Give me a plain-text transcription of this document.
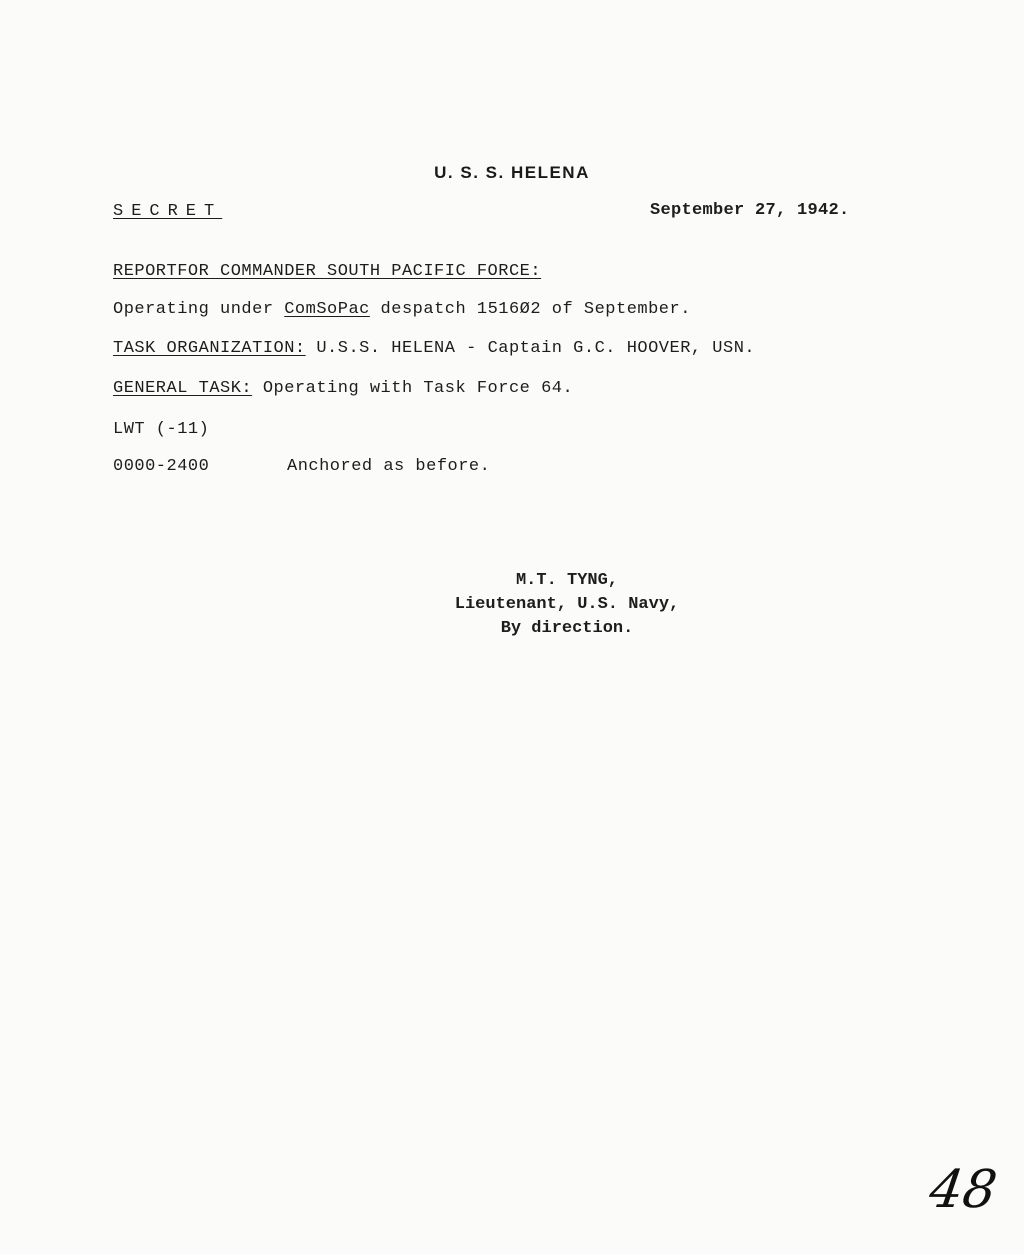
U. S. S. HELENA
SECRET	September 27, 1942.
REPORTFOR COMMANDER SOUTH PACIFIC FORCE:
Operating under ComSoPac despatch 1516Ø2 of September.
TASK ORGANIZATION: U.S.S. HELENA - Captain G.C. HOOVER, USN.
GENERAL TASK: Operating with Task Force 64.
LWT (-11)
0000-2400	Anchored as before.
M.T. TYNG,
Lieutenant, U.S. Navy,
By direction.
48
